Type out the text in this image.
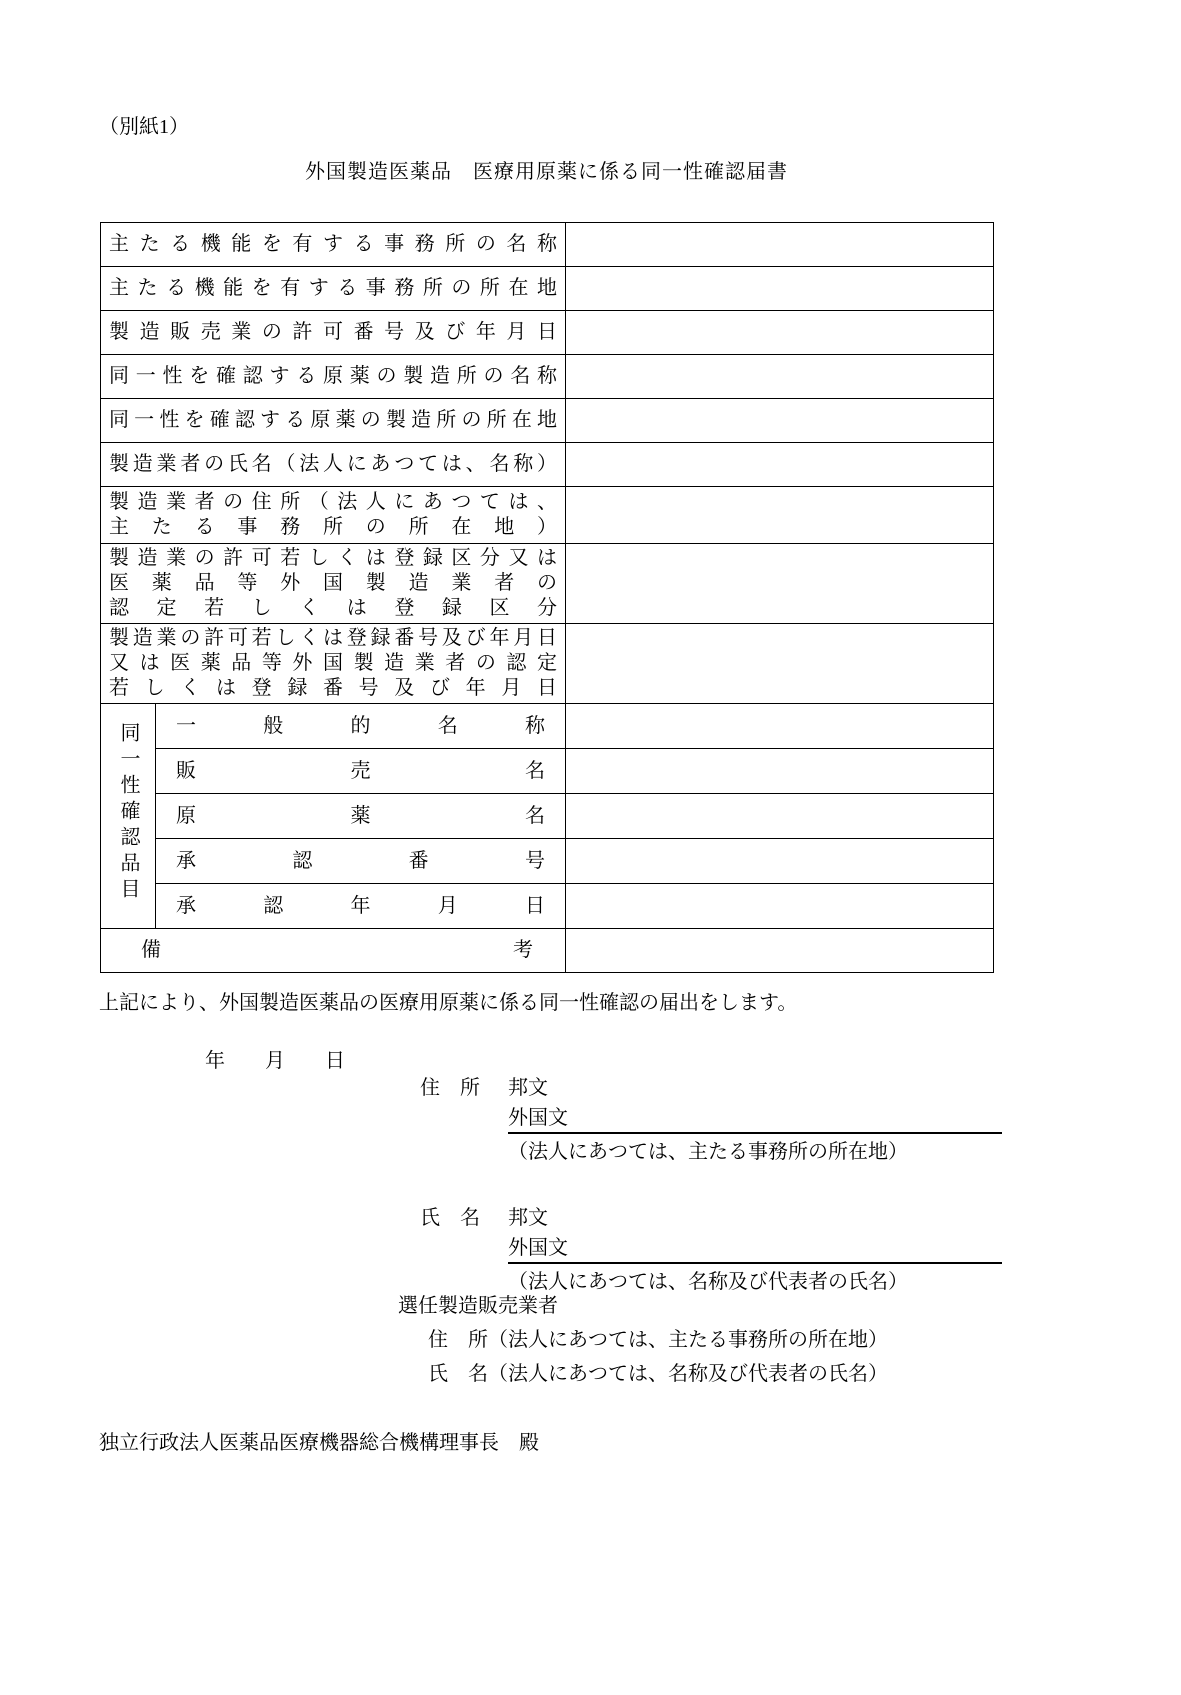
（別紙1）
外国製造医薬品　医療用原薬に係る同一性確認届書
主たる機能を有する事務所の名称		

主たる機能を有する事務所の所在地		

製造販売業の許可番号及び年月日		

同一性を確認する原薬の製造所の名称		

同一性を確認する原薬の製造所の所在地		

製造業者の氏名（法人にあつては、名称）		

製造業者の住所（法人にあつては、
主たる事務所の所在地）		

製造業の許可若しくは登録区分又は
医薬品等外国製造業者の
認定若しくは登録区分		

製造業の許可若しくは登録番号及び年月日
又は医薬品等外国製造業者の認定
若しくは登録番号及び年月日		

同一性確認品目	一般的名称	

	販売名	

	原薬名	

	承認番号	

	承認年月日	

備考		

上記により、外国製造医薬品の医療用原薬に係る同一性確認の届出をします。
年　　月　　日
住　所 邦文
外国文
（法人にあつては、主たる事務所の所在地）
氏　名 邦文
外国文
（法人にあつては、名称及び代表者の氏名）
選任製造販売業者
住　所（法人にあつては、主たる事務所の所在地）
氏　名（法人にあつては、名称及び代表者の氏名）
独立行政法人医薬品医療機器総合機構理事長　殿
